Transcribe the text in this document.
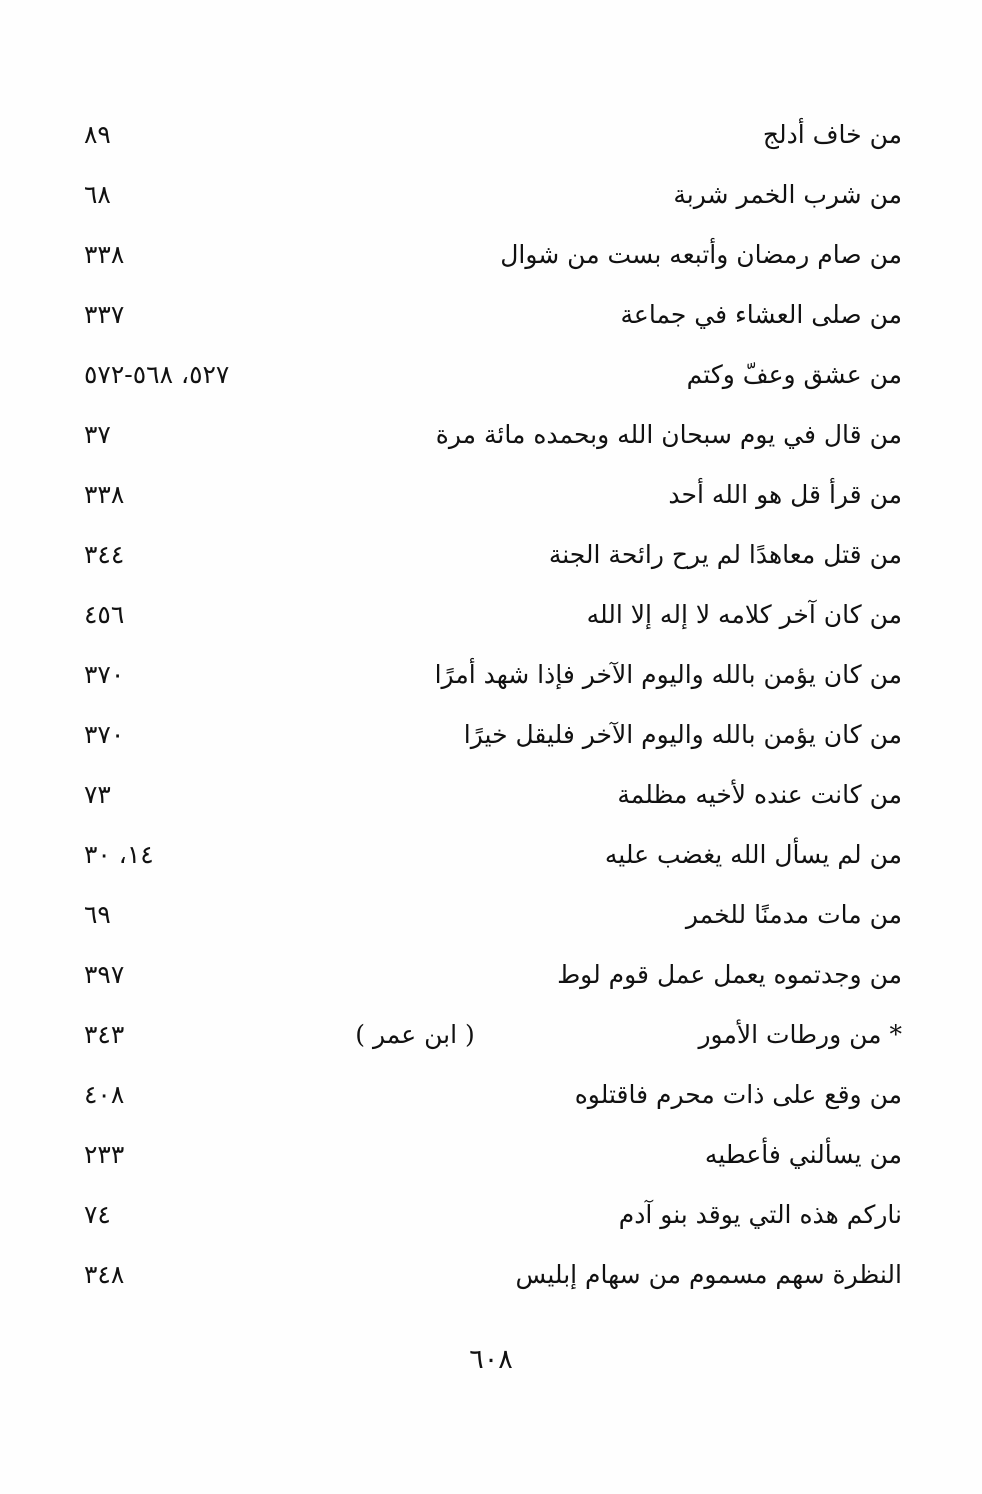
من خاف أدلج
٨٩
من شرب الخمر شربة
٦٨
من صام رمضان وأتبعه بست من شوال
٣٣٨
من صلى العشاء في جماعة
٣٣٧
من عشق وعفّ وكتم
٥٢٧، ٥٦٨-٥٧٢
من قال في يوم سبحان الله وبحمده مائة مرة
٣٧
من قرأ قل هو الله أحد
٣٣٨
من قتل معاهدًا لم يرح رائحة الجنة
٣٤٤
من كان آخر كلامه لا إله إلا الله
٤٥٦
من كان يؤمن بالله واليوم الآخر فإذا شهد أمرًا
٣٧٠
من كان يؤمن بالله واليوم الآخر فليقل خيرًا
٣٧٠
من كانت عنده لأخيه مظلمة
٧٣
من لم يسأل الله يغضب عليه
١٤، ٣٠
من مات مدمنًا للخمر
٦٩
من وجدتموه يعمل عمل قوم لوط
٣٩٧
* من ورطات الأمور
( ابن عمر )
٣٤٣
من وقع على ذات محرم فاقتلوه
٤٠٨
من يسألني فأعطيه
٢٣٣
ناركم هذه التي يوقد بنو آدم
٧٤
النظرة سهم مسموم من سهام إبليس
٣٤٨
٦٠٨
